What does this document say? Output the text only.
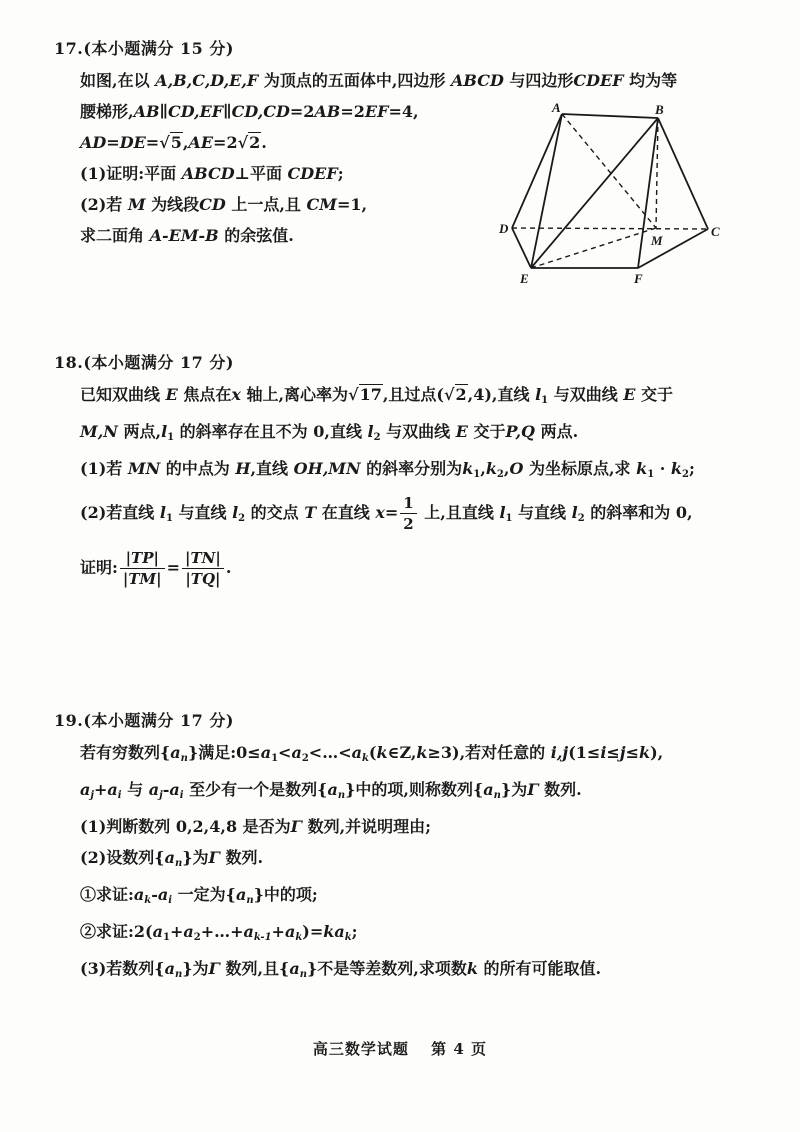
17.(本小题满分 15 分)
如图,在以 A,B,C,D,E,F 为顶点的五面体中,四边形 ABCD 与四边形CDEF 均为等
腰梯形,AB∥CD,EF∥CD,CD=2AB=2EF=4,
AD=DE=√5,AE=2√2.
(1)证明:平面 ABCD⊥平面 CDEF;
(2)若 M 为线段CD 上一点,且 CM=1,
求二面角 A-EM-B 的余弦值.
A	B
C
D
E	F
M
18.(本小题满分 17 分)
已知双曲线 E 焦点在x 轴上,离心率为√17,且过点(√2,4),直线 $l_1$ 与双曲线 E 交于
M,N 两点$,l_1$ 的斜率存在且不为 0,直线 $l_2$ 与双曲线 E 交于P,Q 两点.
(1)若 MN 的中点为 H,直线 OH,MN 的斜率分别为$k_1,k_2,O$ 为坐标原点,求 $k_1 \cdot k_2$;
(2)若直线 $l_1$ 与直线 $l_2$ 的交点 T 在直线 $x= \frac{1}{2}$ 上,且直线 $l_1$ 与直线 $l_2$ 的斜率和为 0,
证明: $\frac{|TP|}{|TM|} = \frac{|TN|}{|TQ|}$ .
19.(本小题满分 17 分)
若有穷数列$\{a_n\}$满足$:0\le a_1<a_2<\dots<a_k(k\in Z,k\ge 3)$,若对任意的 i,j(1≤i≤j≤k),
$a_j+a_i$ 与 $a_j-a_i$ 至少有一个是数列$\{a_n\}$中的项,则称数列$\{a_n\}$为Γ 数列.
(1)判断数列 0,2,4,8 是否为Γ 数列,并说明理由;
(2)设数列$\{a_n\}$为Γ 数列.
①求证$:a_k-a_i$ 一定为$\{a_n\}$中的项;
②求证$:2(a_1+a_2+\dots+a_{k-1}+a_k)=ka_k$;
(3)若数列$\{a_n\}$为Γ 数列,且$\{a_n\}$不是等差数列,求项数k 的所有可能取值.
高三数学试题 第 4 页
